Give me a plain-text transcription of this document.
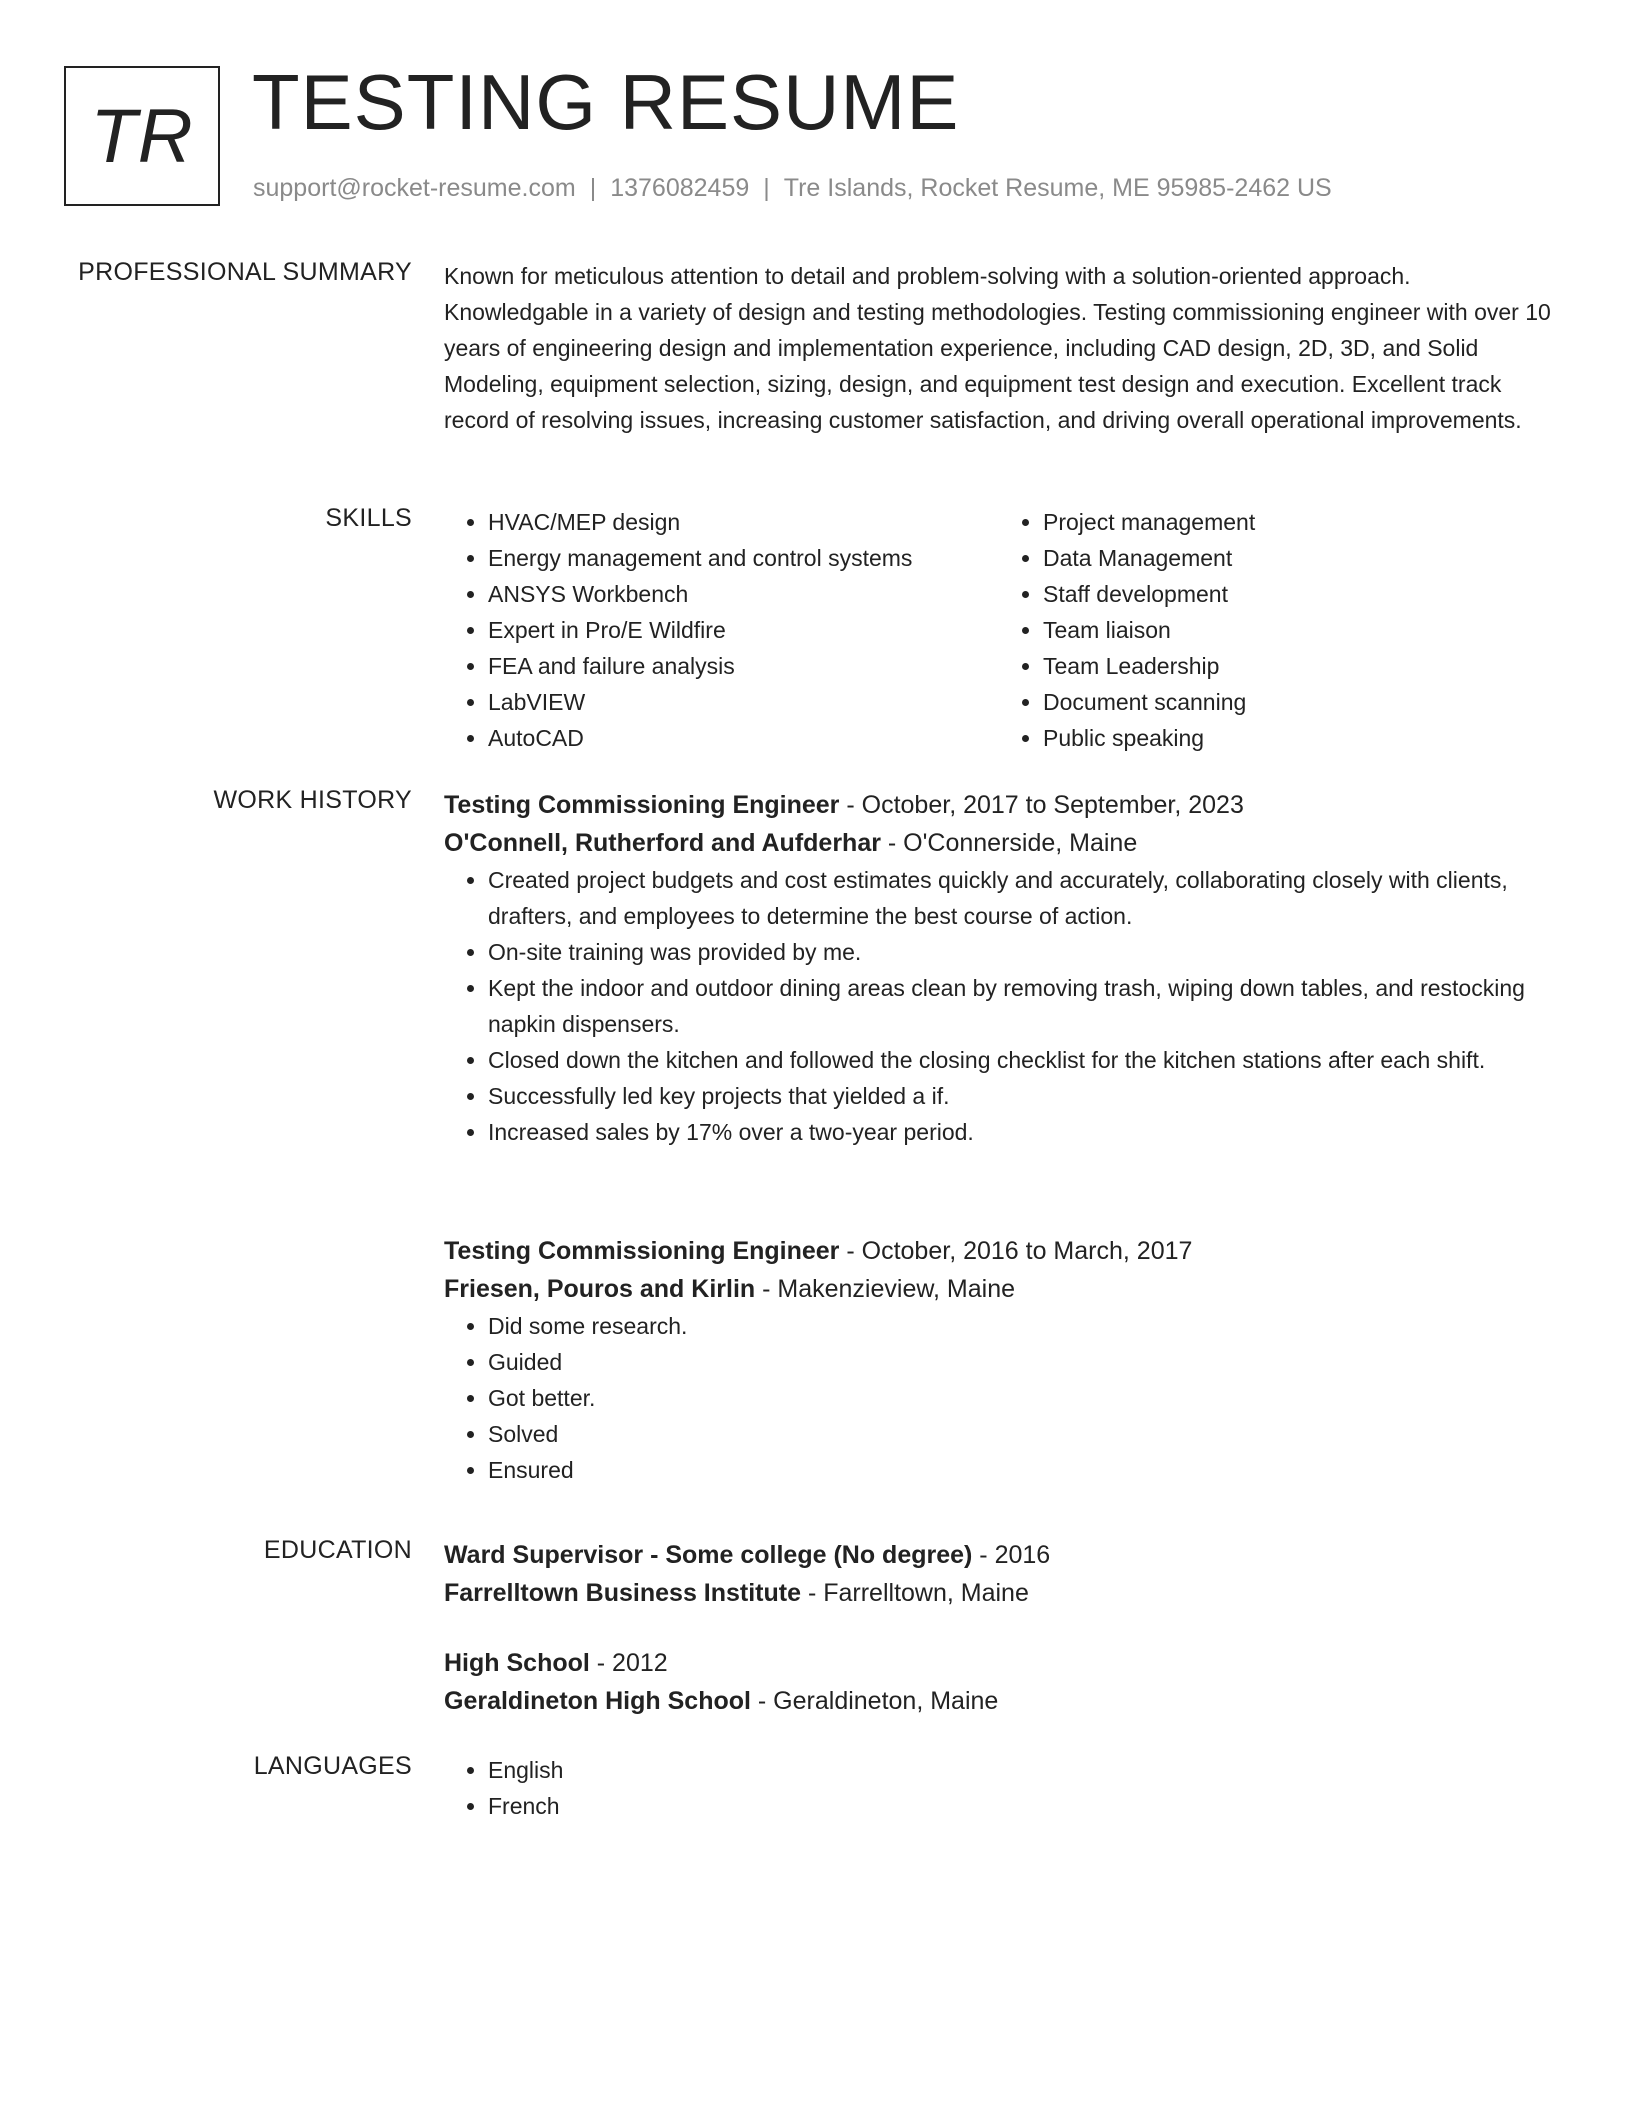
TR TESTING RESUME
support@rocket-resume.com | 1376082459 | Tre Islands, Rocket Resume, ME 95985-2462 US
PROFESSIONAL SUMMARY Known for meticulous attention to detail and problem-solving with a solution-oriented approach. Knowledgable in a variety of design and testing methodologies. Testing commissioning engineer with over 10 years of engineering design and implementation experience, including CAD design, 2D, 3D, and Solid Modeling, equipment selection, sizing, design, and equipment test design and execution. Excellent track record of resolving issues, increasing customer satisfaction, and driving overall operational improvements.
SKILLS	• HVAC/MEP design
• Energy management and control systems
• ANSYS Workbench
• Expert in Pro/E Wildfire
• FEA and failure analysis
• LabVIEW
• AutoCAD
• Project management
• Data Management
• Staff development
• Team liaison
• Team Leadership
• Document scanning
• Public speaking
WORK HISTORY Testing Commissioning Engineer - October, 2017 to September, 2023
O'Connell, Rutherford and Aufderhar - O'Connerside, Maine
• Created project budgets and cost estimates quickly and accurately, collaborating closely with clients, drafters, and employees to determine the best course of action.
• On-site training was provided by me.
• Kept the indoor and outdoor dining areas clean by removing trash, wiping down tables, and restocking napkin dispensers.
• Closed down the kitchen and followed the closing checklist for the kitchen stations after each shift.
• Successfully led key projects that yielded a if.
• Increased sales by 17% over a two-year period.
Testing Commissioning Engineer - October, 2016 to March, 2017
Friesen, Pouros and Kirlin - Makenzieview, Maine
• Did some research.
• Guided
• Got better.
• Solved
• Ensured
EDUCATION Ward Supervisor - Some college (No degree) - 2016
Farrelltown Business Institute - Farrelltown, Maine
High School - 2012
Geraldineton High School - Geraldineton, Maine
LANGUAGES	• English
• French
